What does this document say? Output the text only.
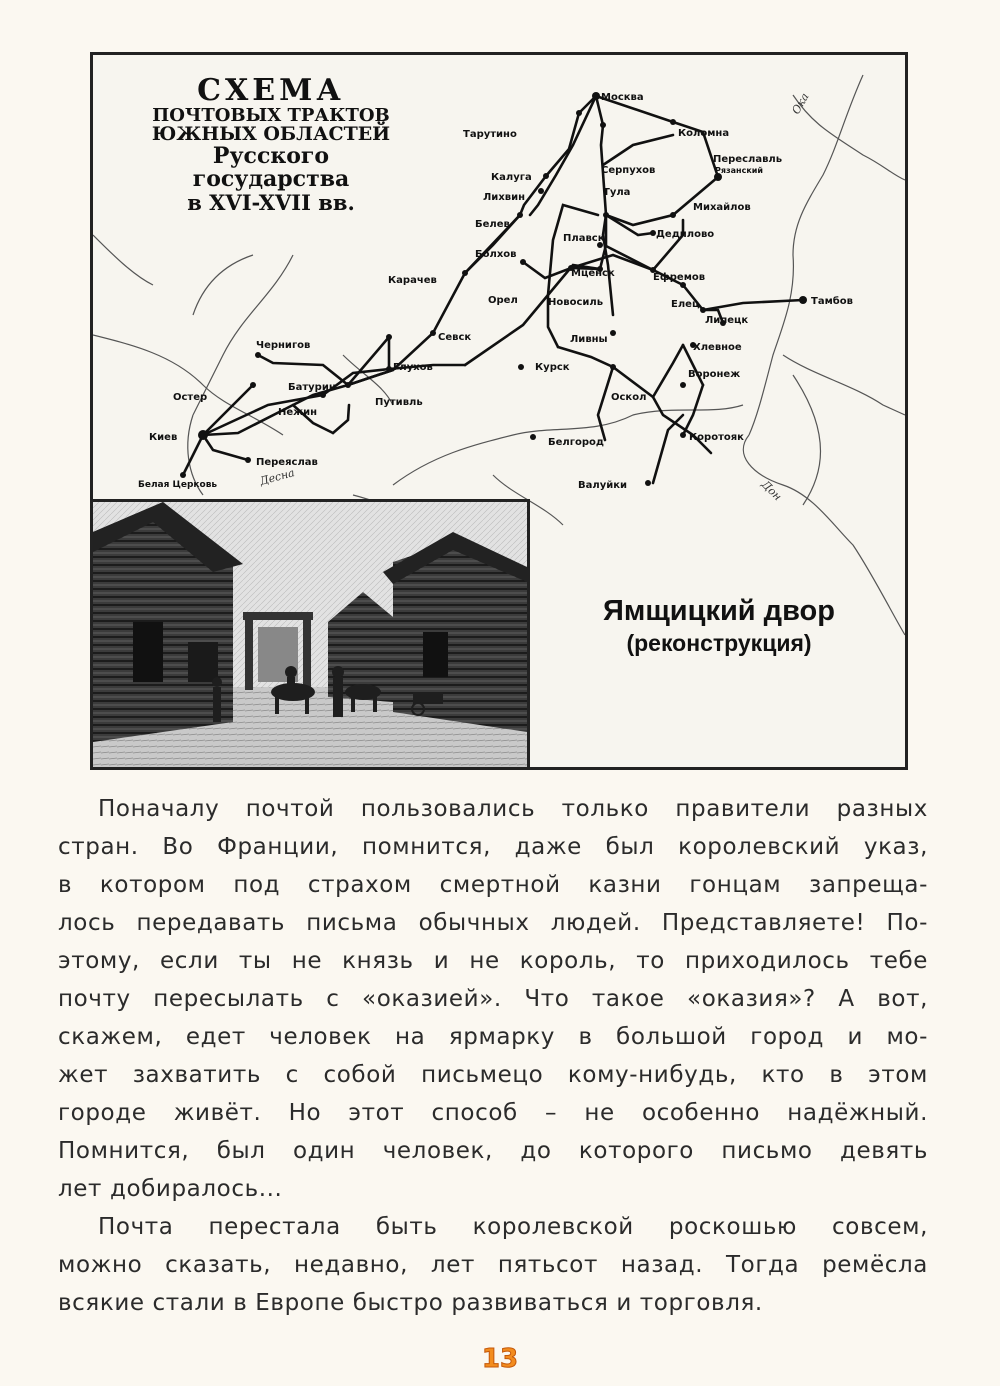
Москва
Тарутино	Коломна
Серпухов
Переславль
Рязанский
Калуга
Лихвин	Тула
Михайлов
Белев
Дедилово
Плавск
Болхов
Мценск	Ефремов
Карачев
Орел	Новосиль	Елец	Тамбов
Липецк
Ливны
Хлевное
Севск
Чернигов
Глухов	Курск
Воронеж
Батурин
Путивль
Остер
Нежин
Оскол
Киев	Коротояк
Переяслав
Белгород
Белая Церковь	Валуйки
Ока
Дон
Десна
СХЕМА
ПОЧТОВЫХ ТРАКТОВ
ЮЖНЫХ ОБЛАСТЕЙ
Русского
государства
в XVI-XVII вв.
Ямщицкий двор
(реконструкция)
Поначалу почтой пользовались только правители разных
стран. Во Франции, помнится, даже был королевский указ,
в котором под страхом смертной казни гонцам запреща-
лось передавать письма обычных людей. Представляете! По-
этому, если ты не князь и не король, то приходилось тебе
почту пересылать с «оказией». Что такое «оказия»? А вот,
скажем, едет человек на ярмарку в большой город и мо-
жет захватить с собой письмецо кому-нибудь, кто в этом
городе живёт. Но этот способ – не особенно надёжный.
Помнится, был один человек, до которого письмо девять
лет добиралось...
Почта перестала быть королевской роскошью совсем,
можно сказать, недавно, лет пятьсот назад. Тогда ремёсла
всякие стали в Европе быстро развиваться и торговля.
13
